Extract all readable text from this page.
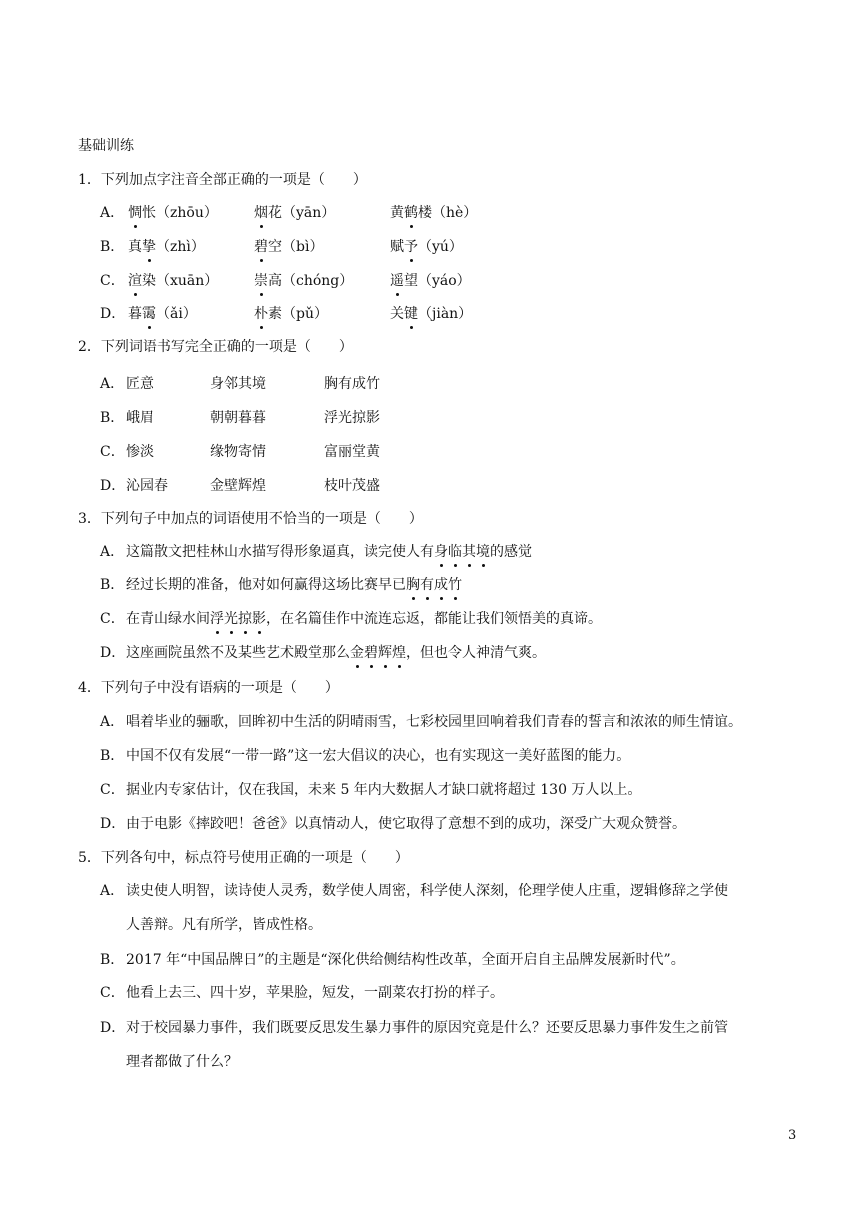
基础训练
1．下列加点字注音全部正确的一项是（　　）
A． 惆怅（zhōu）	烟花（yān）	黄鹤楼（hè）
B． 真挚（zhì）	碧空（bì）	赋予（yú）
C． 渲染（xuān）	崇高（chóng）	遥望（yáo）
D． 暮霭（ǎi）	朴素（pǔ）	关键（jiàn）
2．下列词语书写完全正确的一项是（　　）
A． 匠意	身邻其境	胸有成竹
B． 峨眉	朝朝暮暮	浮光掠影
C． 惨淡	缘物寄情	富丽堂黄
D． 沁园春	金壁辉煌	枝叶茂盛
3．下列句子中加点的词语使用不恰当的一项是（　　）
A． 这篇散文把桂林山水描写得形象逼真，读完使人有身临其境的感觉
B． 经过长期的准备，他对如何赢得这场比赛早已胸有成竹
C． 在青山绿水间浮光掠影，在名篇佳作中流连忘返，都能让我们领悟美的真谛。
D． 这座画院虽然不及某些艺术殿堂那么金碧辉煌，但也令人神清气爽。
4．下列句子中没有语病的一项是（　　）
A． 唱着毕业的骊歌，回眸初中生活的阴晴雨雪，七彩校园里回响着我们青春的誓言和浓浓的师生情谊。
B． 中国不仅有发展“一带一路”这一宏大倡议的决心，也有实现这一美好蓝图的能力。
C． 据业内专家估计，仅在我国，未来 5 年内大数据人才缺口就将超过 130 万人以上。
D． 由于电影《摔跤吧！爸爸》以真情动人，使它取得了意想不到的成功，深受广大观众赞誉。
5．下列各句中，标点符号使用正确的一项是（　　）
A． 读史使人明智，读诗使人灵秀，数学使人周密，科学使人深刻，伦理学使人庄重，逻辑修辞之学使
人善辩。凡有所学，皆成性格。
B． 2017 年“中国品牌日”的主题是“深化供给侧结构性改革，全面开启自主品牌发展新时代”。
C． 他看上去三、四十岁，苹果脸，短发，一副菜农打扮的样子。
D． 对于校园暴力事件，我们既要反思发生暴力事件的原因究竟是什么？还要反思暴力事件发生之前管
理者都做了什么？
3
